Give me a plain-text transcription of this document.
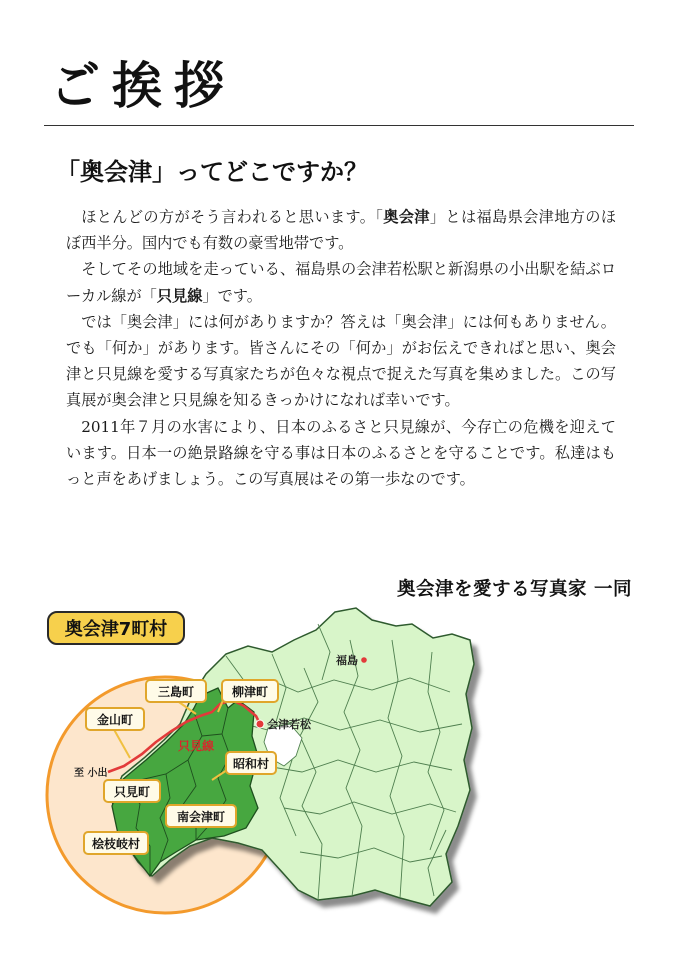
ご挨拶
「奥会津」ってどこですか？

ほとんどの方がそう言われると思います。「奥会津」とは福島県会津地方のほぼ西半分。国内でも有数の豪雪地帯です。

そしてその地域を走っている、福島県の会津若松駅と新潟県の小出駅を結ぶローカル線が「只見線」です。

では「奥会津」には何がありますか？答えは「奥会津」には何もありません。でも「何か」があります。皆さんにその「何か」がお伝えできればと思い、奥会津と只見線を愛する写真家たちが色々な視点で捉えた写真を集めました。この写真展が奥会津と只見線を知るきっかけになれば幸いです。

2011年７月の水害により、日本のふるさと只見線が、今存亡の危機を迎えています。日本一の絶景路線を守る事は日本のふるさとを守ることです。私達はもっと声をあげましょう。この写真展はその第一歩なのです。

奥会津を愛する写真家 一同
福島
会津若松
至 小出
只見線
奥会津7町村
三島町	柳津町
金山町
昭和村
只見町
南会津町
桧枝岐村
